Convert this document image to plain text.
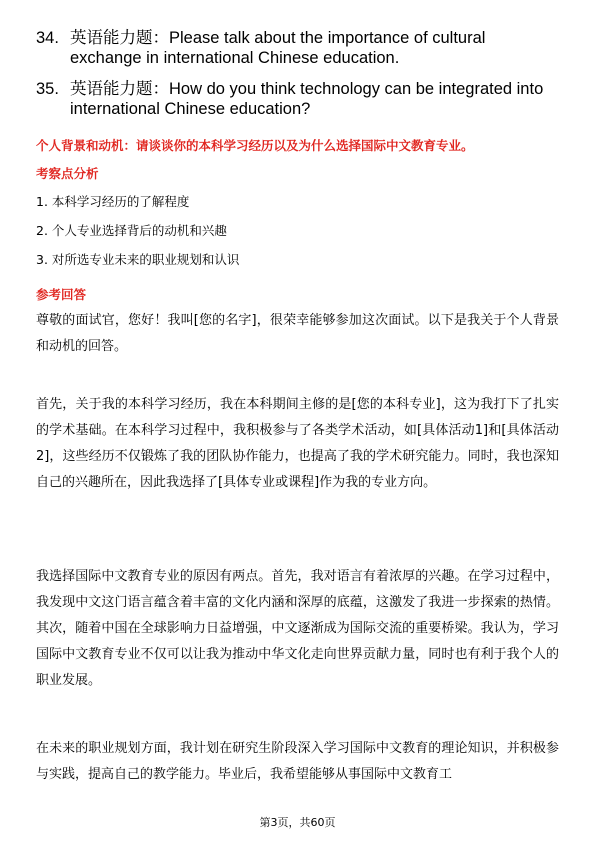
34. 英语能力题：Please talk about the importance of cultural exchange in international Chinese education.
35. 英语能力题：How do you think technology can be integrated into international Chinese education?
个人背景和动机：请谈谈你的本科学习经历以及为什么选择国际中文教育专业。
考察点分析
1. 本科学习经历的了解程度
2. 个人专业选择背后的动机和兴趣
3. 对所选专业未来的职业规划和认识
参考回答
尊敬的面试官，您好！我叫[您的名字]，很荣幸能够参加这次面试。以下是我关于个人背景和动机的回答。
首先，关于我的本科学习经历，我在本科期间主修的是[您的本科专业]，这为我打下了扎实的学术基础。在本科学习过程中，我积极参与了各类学术活动，如[具体活动1]和[具体活动2]，这些经历不仅锻炼了我的团队协作能力，也提高了我的学术研究能力。同时，我也深知自己的兴趣所在，因此我选择了[具体专业或课程]作为我的专业方向。
我选择国际中文教育专业的原因有两点。首先，我对语言有着浓厚的兴趣。在学习过程中，我发现中文这门语言蕴含着丰富的文化内涵和深厚的底蕴，这激发了我进一步探索的热情。其次，随着中国在全球影响力日益增强，中文逐渐成为国际交流的重要桥梁。我认为，学习国际中文教育专业不仅可以让我为推动中华文化走向世界贡献力量，同时也有利于我个人的职业发展。
在未来的职业规划方面，我计划在研究生阶段深入学习国际中文教育的理论知识，并积极参与实践，提高自己的教学能力。毕业后，我希望能够从事国际中文教育工
第3页，共60页
